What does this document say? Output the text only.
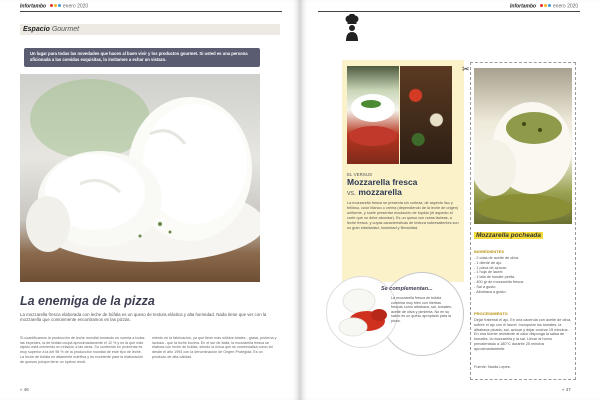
Infortambo	enero 2020
Espacio Gourmet
Un lugar para todas las novedades que hacen al buen vivir y los productos gourmet. Si usted es una persona aficionada a las comidas exquisitas, lo invitamos a echar un vistazo.
La enemiga de la pizza
La mozzarella fresca elaborada con leche de búfala es un queso de textura elástica y alta humedad. Nada tiene que ver con la mozzarella que comúnmente encontramos en las pizzas.
Si cuantificamos la producción de leche mundial tomando en cuenta a todas las especies, la de búfala ocupa aproximadamente el 12 % y es la que más rápido está creciendo en relación a las otras. Su contenido en proteínas es muy superior a la del 96 % de la producción mundial de este tipo de leche. La leche de búfala es altamente nutritiva y es excelente para la elaboración de quesos porque tiene un óptimo rendi-
miento en la fabricación, ya que tiene más sólidos totales - grasa, proteína y lactosa - que la leche bovina. En el sur de Italia, la mozzarella fresca se elabora con leche de búfala, siendo la única que se comercializa como tal desde el año 1993 con la denominación de Origen Protegida. Es un producto de alta calidad.
« 46
Infortambo	enero 2020
EL VERSUS
Mozzarella fresca
vs. mozzarella
La mozzarella fresca se presenta sin corteza, de aspecto liso y brilloso, color blanco o crema (dependiendo de la leche de origen) uniforme, y suele presentar exudación de líquido (el aspecto al corte que no debe abundar). Es un queso con notas lácteas, a leche fresca, y cuyas características de textura sobresalientes son su gran elasticidad, humedad y fibrosidad.
Se complementan...
La mozzarella fresca de búfala combina muy bien con hierbas frescas como albahaca, sal, tomates, aceite de oliva y pimienta. No en su sabor es un queso apropiado para la pizza.
✂
Mozzarella pocheada
INGREDIENTES
- 2 cdas de aceite de oliva.
- 1 diente de ajo.
- 1 pizca de azúcar.
- 1 hoja de laurel.
- 1 lata de tomate perita.
- 400 gr de mozzarella fresca.
- Sal a gusto.
- Albahaca a gusto.
PROCEDIMIENTO
Dejar fraternal el ajo. En una cacerola con aceite de oliva, sofreír el ajo con el laurel. Incorporar los tomates, la albahaca picada, sal, azúcar y dejar cocinar 15 minutos. En una fuente resistente al calor disponga la salsa de tomates, la mozzarella y la sal. Llevar al horno precalentado a 180°C durante 25 minutos aproximadamente.
Fuente: Narda Lepes.
« 47
